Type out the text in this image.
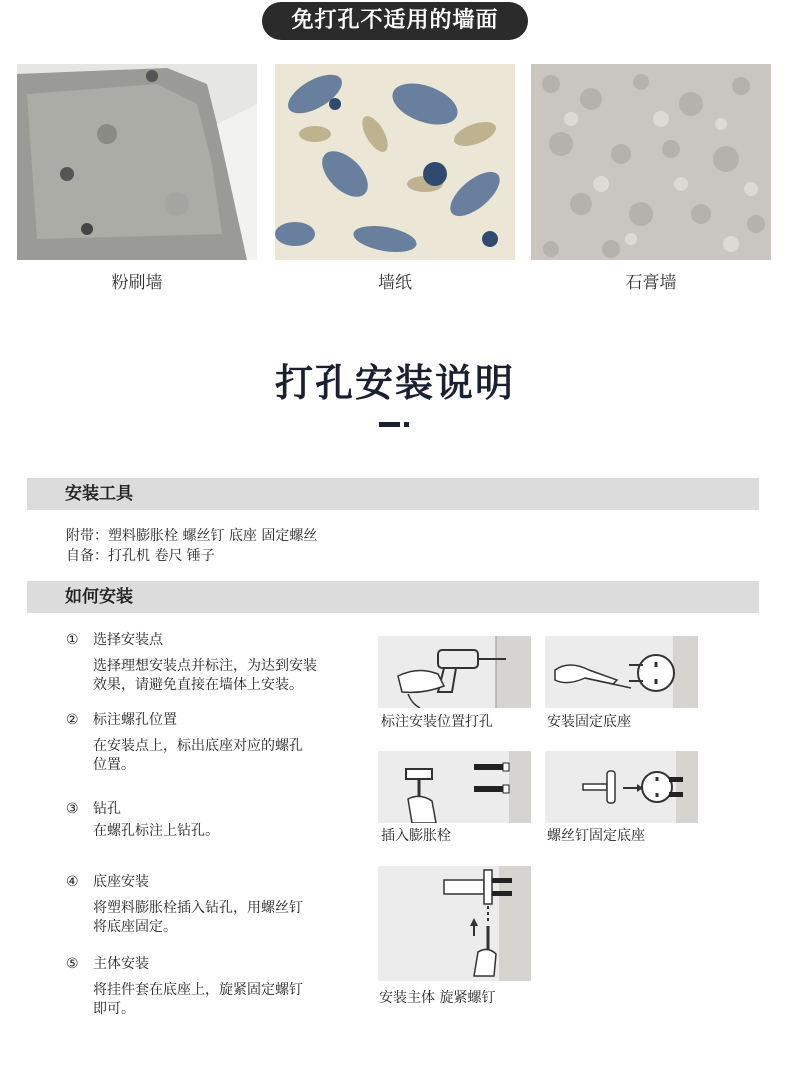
免打孔不适用的墙面
粉刷墙	墙纸	石膏墙
打孔安装说明
安装工具
附带：塑料膨胀栓 螺丝钉 底座 固定螺丝
自备：打孔机 卷尺 锤子
如何安装
① 选择安装点
选择理想安装点并标注，为达到安装
效果，请避免直接在墙体上安装。
② 标注螺孔位置
在安装点上，标出底座对应的螺孔
位置。
③ 钻孔
在螺孔标注上钻孔。
④ 底座安装
将塑料膨胀栓插入钻孔，用螺丝钉
将底座固定。
⑤ 主体安装
将挂件套在底座上，旋紧固定螺钉
即可。
标注安装位置打孔	安装固定底座
插入膨胀栓	螺丝钉固定底座
安装主体 旋紧螺钉
